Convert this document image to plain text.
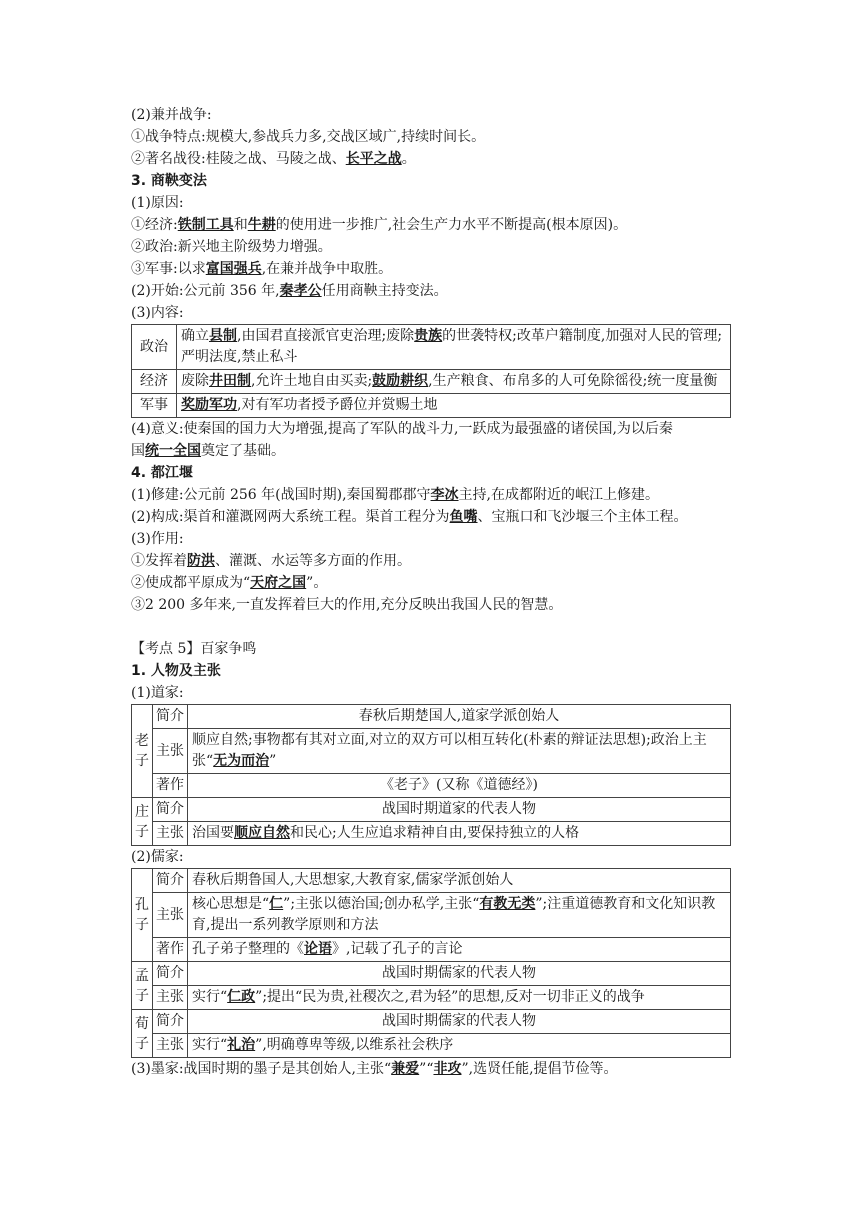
(2)兼并战争:
①战争特点:规模大,参战兵力多,交战区域广,持续时间长。
②著名战役:桂陵之战、马陵之战、长平之战。
3. 商鞅变法
(1)原因:
①经济:铁制工具和牛耕的使用进一步推广,社会生产力水平不断提高(根本原因)。
②政治:新兴地主阶级势力增强。
③军事:以求富国强兵,在兼并战争中取胜。
(2)开始:公元前 356 年,秦孝公任用商鞅主持变法。
(3)内容:
政治	确立县制,由国君直接派官吏治理;废除贵族的世袭特权;改革户籍制度,加强对人民的管理;严明法度,禁止私斗
经济	废除井田制,允许土地自由买卖;鼓励耕织,生产粮食、布帛多的人可免除徭役;统一度量衡
军事	奖励军功,对有军功者授予爵位并赏赐土地
(4)意义:使秦国的国力大为增强,提高了军队的战斗力,一跃成为最强盛的诸侯国,为以后秦
国统一全国奠定了基础。
4. 都江堰
(1)修建:公元前 256 年(战国时期),秦国蜀郡郡守李冰主持,在成都附近的岷江上修建。
(2)构成:渠首和灌溉网两大系统工程。渠首工程分为鱼嘴、宝瓶口和飞沙堰三个主体工程。
(3)作用:
①发挥着防洪、灌溉、水运等多方面的作用。
②使成都平原成为“天府之国”。
③2 200 多年来,一直发挥着巨大的作用,充分反映出我国人民的智慧。
【考点 5】百家争鸣
1. 人物及主张
(1)道家:
老子	简介	春秋后期楚国人,道家学派创始人
	主张	顺应自然;事物都有其对立面,对立的双方可以相互转化(朴素的辩证法思想);政治上主张“无为而治”
	著作	《老子》(又称《道德经》)
庄子	简介	战国时期道家的代表人物
	主张	治国要顺应自然和民心;人生应追求精神自由,要保持独立的人格
(2)儒家:
孔子	简介	春秋后期鲁国人,大思想家,大教育家,儒家学派创始人
	主张	核心思想是“仁”;主张以德治国;创办私学,主张“有教无类”;注重道德教育和文化知识教育,提出一系列教学原则和方法
	著作	孔子弟子整理的《论语》,记载了孔子的言论
孟子	简介	战国时期儒家的代表人物
	主张	实行“仁政”;提出“民为贵,社稷次之,君为轻”的思想,反对一切非正义的战争
荀子	简介	战国时期儒家的代表人物
	主张	实行“礼治”,明确尊卑等级,以维系社会秩序
(3)墨家:战国时期的墨子是其创始人,主张“兼爱”“非攻”,选贤任能,提倡节俭等。
